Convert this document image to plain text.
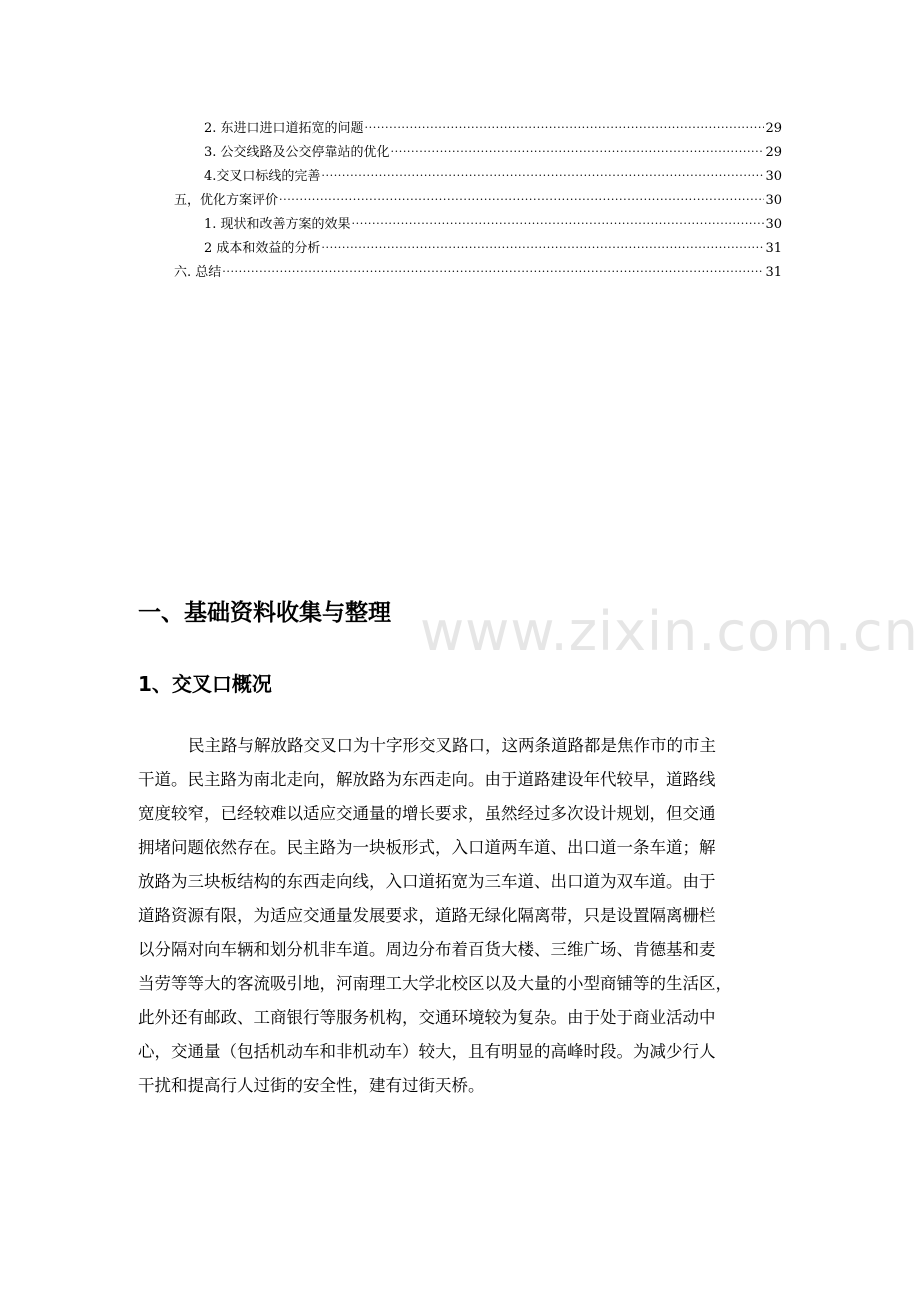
2. 东进口进口道拓宽的问题 .....	29
3. 公交线路及公交停靠站的优化 .....	29
4.交叉口标线的完善 .....	30
五，优化方案评价 .....	30
1. 现状和改善方案的效果 .....	30
2 成本和效益的分析 .....	31
六. 总结 .....	31
www.zixin.com.cn
一、基础资料收集与整理
1、交叉口概况
民主路与解放路交叉口为十字形交叉路口，这两条道路都是焦作市的市主
干道。民主路为南北走向，解放路为东西走向。由于道路建设年代较早，道路线
宽度较窄，已经较难以适应交通量的增长要求，虽然经过多次设计规划，但交通
拥堵问题依然存在。民主路为一块板形式，入口道两车道、出口道一条车道；解
放路为三块板结构的东西走向线，入口道拓宽为三车道、出口道为双车道。由于
道路资源有限，为适应交通量发展要求，道路无绿化隔离带，只是设置隔离栅栏
以分隔对向车辆和划分机非车道。周边分布着百货大楼、三维广场、肯德基和麦
当劳等等大的客流吸引地，河南理工大学北校区以及大量的小型商铺等的生活区，
此外还有邮政、工商银行等服务机构，交通环境较为复杂。由于处于商业活动中
心，交通量（包括机动车和非机动车）较大，且有明显的高峰时段。为减少行人
干扰和提高行人过街的安全性，建有过街天桥。
